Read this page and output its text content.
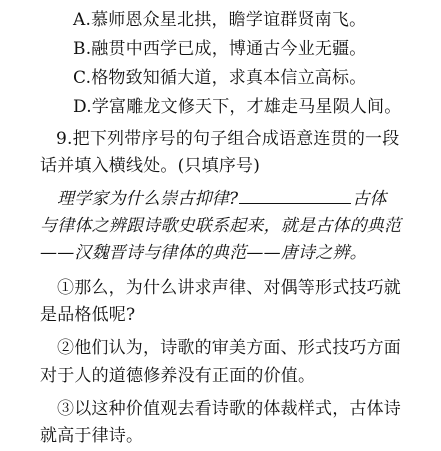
A.慕师恩众星北拱，瞻学谊群贤南飞。
B.融贯中西学已成，博通古今业无疆。
C.格物致知循大道，求真本信立高标。
D.学富雕龙文修天下，才雄走马星陨人间。
9.把下列带序号的句子组合成语意连贯的一段
话并填入横线处。(只填序号)
理学家为什么崇古抑律?	古体
与律体之辨跟诗歌史联系起来，就是古体的典范
——汉魏晋诗与律体的典范——唐诗之辨。
①那么，为什么讲求声律、对偶等形式技巧就
是品格低呢?
②他们认为，诗歌的审美方面、形式技巧方面
对于人的道德修养没有正面的价值。
③以这种价值观去看诗歌的体裁样式，古体诗
就高于律诗。
